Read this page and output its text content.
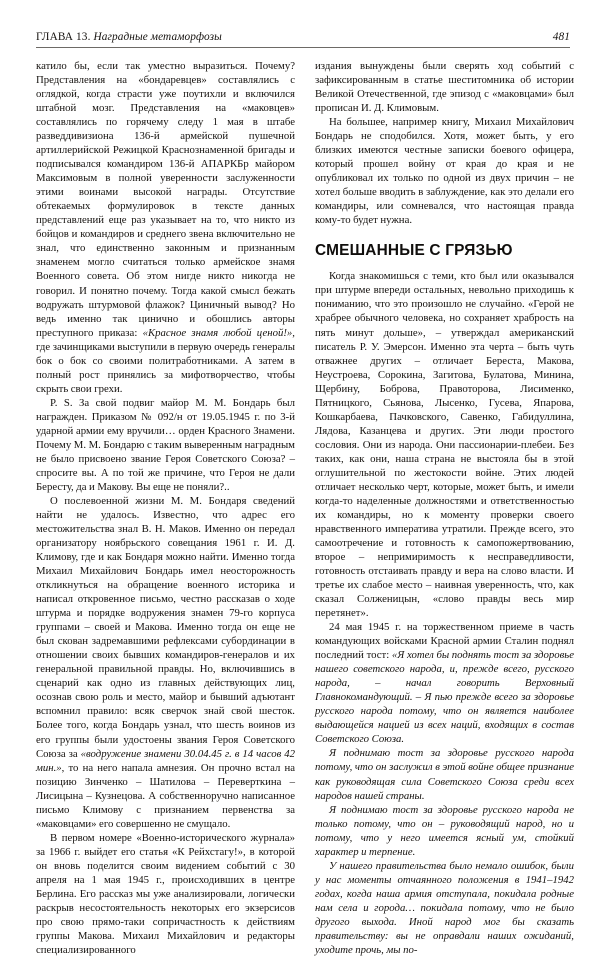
ГЛАВА 13. Наградные метаморфозы	481

катило бы, если так уместно выразиться. Почему? Представления на «бондаревцев» составлялись с оглядкой, когда страсти уже поутихли и включился штабной мозг. Представления на «маковцев» составлялись по горячему следу 1 мая в штабе разведдивизиона 136-й армейской пушечной артиллерийской Режицкой Краснознаменной бригады и подписывался командиром 136-й АПАРКБр майором Максимовым в полной уверенности заслуженности этими воинами высокой награды. Отсутствие обтекаемых формулировок в тексте данных представлений еще раз указывает на то, что никто из бойцов и командиров и среднего звена включительно не знал, что единственно законным и признанным знаменем могло считаться только армейское знамя Военного совета. Об этом нигде никто никогда не говорил. И понятно почему. Тогда какой смысл бежать водружать штурмовой флажок? Циничный вывод? Но ведь именно так цинично и обошлись авторы преступного приказа: «Красное знамя любой ценой!», где зачинщиками выступили в первую очередь генералы бок о бок со своими политработниками. А затем в полный рост принялись за мифотворчество, чтобы скрыть свои грехи.

P. S. За свой подвиг майор М. М. Бондарь был награжден. Приказом № 092/н от 19.05.1945 г. по 3-й ударной армии ему вручили… орден Красного Знамени. Почему М. М. Бондарю с таким выверенным наградным не было присвоено звание Героя Советского Союза? – спросите вы. А по той же причине, что Героя не дали Бересту, да и Макову. Вы еще не поняли?..

О послевоенной жизни М. М. Бондаря сведений найти не удалось. Известно, что адрес его местожительства знал В. Н. Маков. Именно он передал организатору ноябрьского совещания 1961 г. И. Д. Климову, где и как Бондаря можно найти. Именно тогда Михаил Михайлович Бондарь имел неосторожность откликнуться на обращение военного историка и написал откровенное письмо, честно рассказав о ходе штурма и порядке водружения знамен 79-го корпуса группами – своей и Макова. Именно тогда он еще не был скован задремавшими рефлексами субординации в отношении своих бывших командиров-генералов и их генеральной правильной правды. Но, включившись в сценарий как одно из главных действующих лиц, осознав свою роль и место, майор и бывший адъютант вспомнил правило: всяк сверчок знай свой шесток. Более того, когда Бондарь узнал, что шесть воинов из его группы были удостоены звания Героя Советского Союза за «водружение знамени 30.04.45 г. в 14 часов 42 мин.», то на него напала амнезия. Он прочно встал на позицию Зинченко – Шатилова – Переверткина – Лисицына – Кузнецова. А собственноручно написанное письмо Климову с признанием первенства за «маковцами» его совершенно не смущало.

В первом номере «Военно-исторического журнала» за 1966 г. выйдет его статья «К Рейхстагу!», в которой он вновь поделится своим видением событий с 30 апреля на 1 мая 1945 г., происходивших в центре Берлина. Его рассказ мы уже анализировали, логически раскрыв несостоятельность некоторых его экзерсисов про свою прямо-таки сопричастность к действиям группы Макова. Михаил Михайлович и редакторы специализированного

издания вынуждены были сверять ход событий с зафиксированным в статье шеститомника об истории Великой Отечественной, где эпизод с «маковцами» был прописан И. Д. Климовым.

На большее, например книгу, Михаил Михайлович Бондарь не сподобился. Хотя, может быть, у его близких имеются честные записки боевого офицера, который прошел войну от края до края и не опубликовал их только по одной из двух причин – не хотел больше вводить в заблуждение, как это делали его командиры, или сомневался, что настоящая правда кому-то будет нужна.

СМЕШАННЫЕ С ГРЯЗЬЮ

Когда знакомишься с теми, кто был или оказывался при штурме впереди остальных, невольно приходишь к пониманию, что это произошло не случайно. «Герой не храбрее обычного человека, но сохраняет храбрость на пять минут дольше», – утверждал американский писатель Р. У. Эмерсон. Именно эта черта – быть чуть отважнее других – отличает Береста, Макова, Неустроева, Сорокина, Загитова, Булатова, Минина, Щербину, Боброва, Правоторова, Лисименко, Пятницкого, Сьянова, Лысенко, Гусева, Япарова, Кошкарбаева, Пачковского, Савенко, Габидуллина, Лядова, Казанцева и других. Эти люди простого сословия. Они из народа. Они пассионарии-плебеи. Без таких, как они, наша страна не выстояла бы в этой оглушительной по жестокости войне. Этих людей отличает несколько черт, которые, может быть, и имели когда-то наделенные должностями и ответственностью их командиры, но к моменту проверки своего нравственного императива утратили. Прежде всего, это самоотречение и готовность к самопожертвованию, второе – непримиримость к несправедливости, готовность отстаивать правду и вера на слово власти. И третье их слабое место – наивная уверенность, что, как сказал Солженицын, «слово правды весь мир перетянет».

24 мая 1945 г. на торжественном приеме в часть командующих войсками Красной армии Сталин поднял последний тост: «Я хотел бы поднять тост за здоровье нашего советского народа, и, прежде всего, русского народа, – начал говорить Верховный Главнокомандующий. – Я пью прежде всего за здоровье русского народа потому, что он является наиболее выдающейся нацией из всех наций, входящих в состав Советского Союза.

Я поднимаю тост за здоровье русского народа потому, что он заслужил в этой войне общее признание как руководящая сила Советского Союза среди всех народов нашей страны.

Я поднимаю тост за здоровье русского народа не только потому, что он – руководящий народ, но и потому, что у него имеется ясный ум, стойкий характер и терпение.

У нашего правительства было немало ошибок, были у нас моменты отчаянного положения в 1941–1942 годах, когда наша армия отступала, покидала родные нам села и города… покидала потому, что не было другого выхода. Иной народ мог бы сказать правительству: вы не оправдали наших ожиданий, уходите прочь, мы по-
